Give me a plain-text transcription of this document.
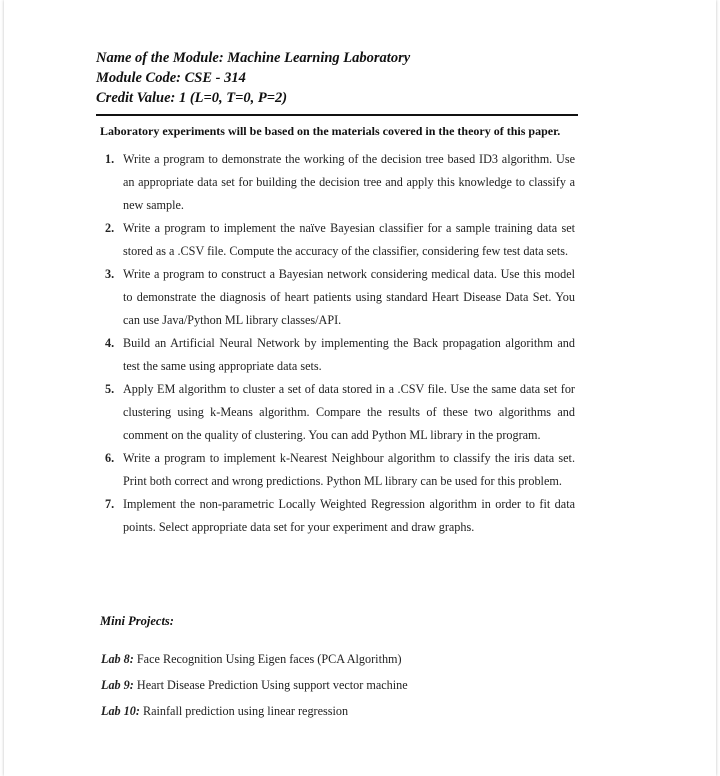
Name of the Module: Machine Learning Laboratory
Module Code: CSE - 314
Credit Value: 1 (L=0, T=0, P=2)
Laboratory experiments will be based on the materials covered in the theory of this paper.
1. Write a program to demonstrate the working of the decision tree based ID3 algorithm. Use an appropriate data set for building the decision tree and apply this knowledge to classify a new sample.
2. Write a program to implement the naïve Bayesian classifier for a sample training data set stored as a .CSV file. Compute the accuracy of the classifier, considering few test data sets.
3. Write a program to construct a Bayesian network considering medical data. Use this model to demonstrate the diagnosis of heart patients using standard Heart Disease Data Set. You can use Java/Python ML library classes/API.
4. Build an Artificial Neural Network by implementing the Back propagation algorithm and test the same using appropriate data sets.
5. Apply EM algorithm to cluster a set of data stored in a .CSV file. Use the same data set for clustering using k-Means algorithm. Compare the results of these two algorithms and comment on the quality of clustering. You can add Python ML library in the program.
6. Write a program to implement k-Nearest Neighbour algorithm to classify the iris data set. Print both correct and wrong predictions. Python ML library can be used for this problem.
7. Implement the non-parametric Locally Weighted Regression algorithm in order to fit data points. Select appropriate data set for your experiment and draw graphs.
Mini Projects:
Lab 8: Face Recognition Using Eigen faces (PCA Algorithm)
Lab 9: Heart Disease Prediction Using support vector machine
Lab 10: Rainfall prediction using linear regression
